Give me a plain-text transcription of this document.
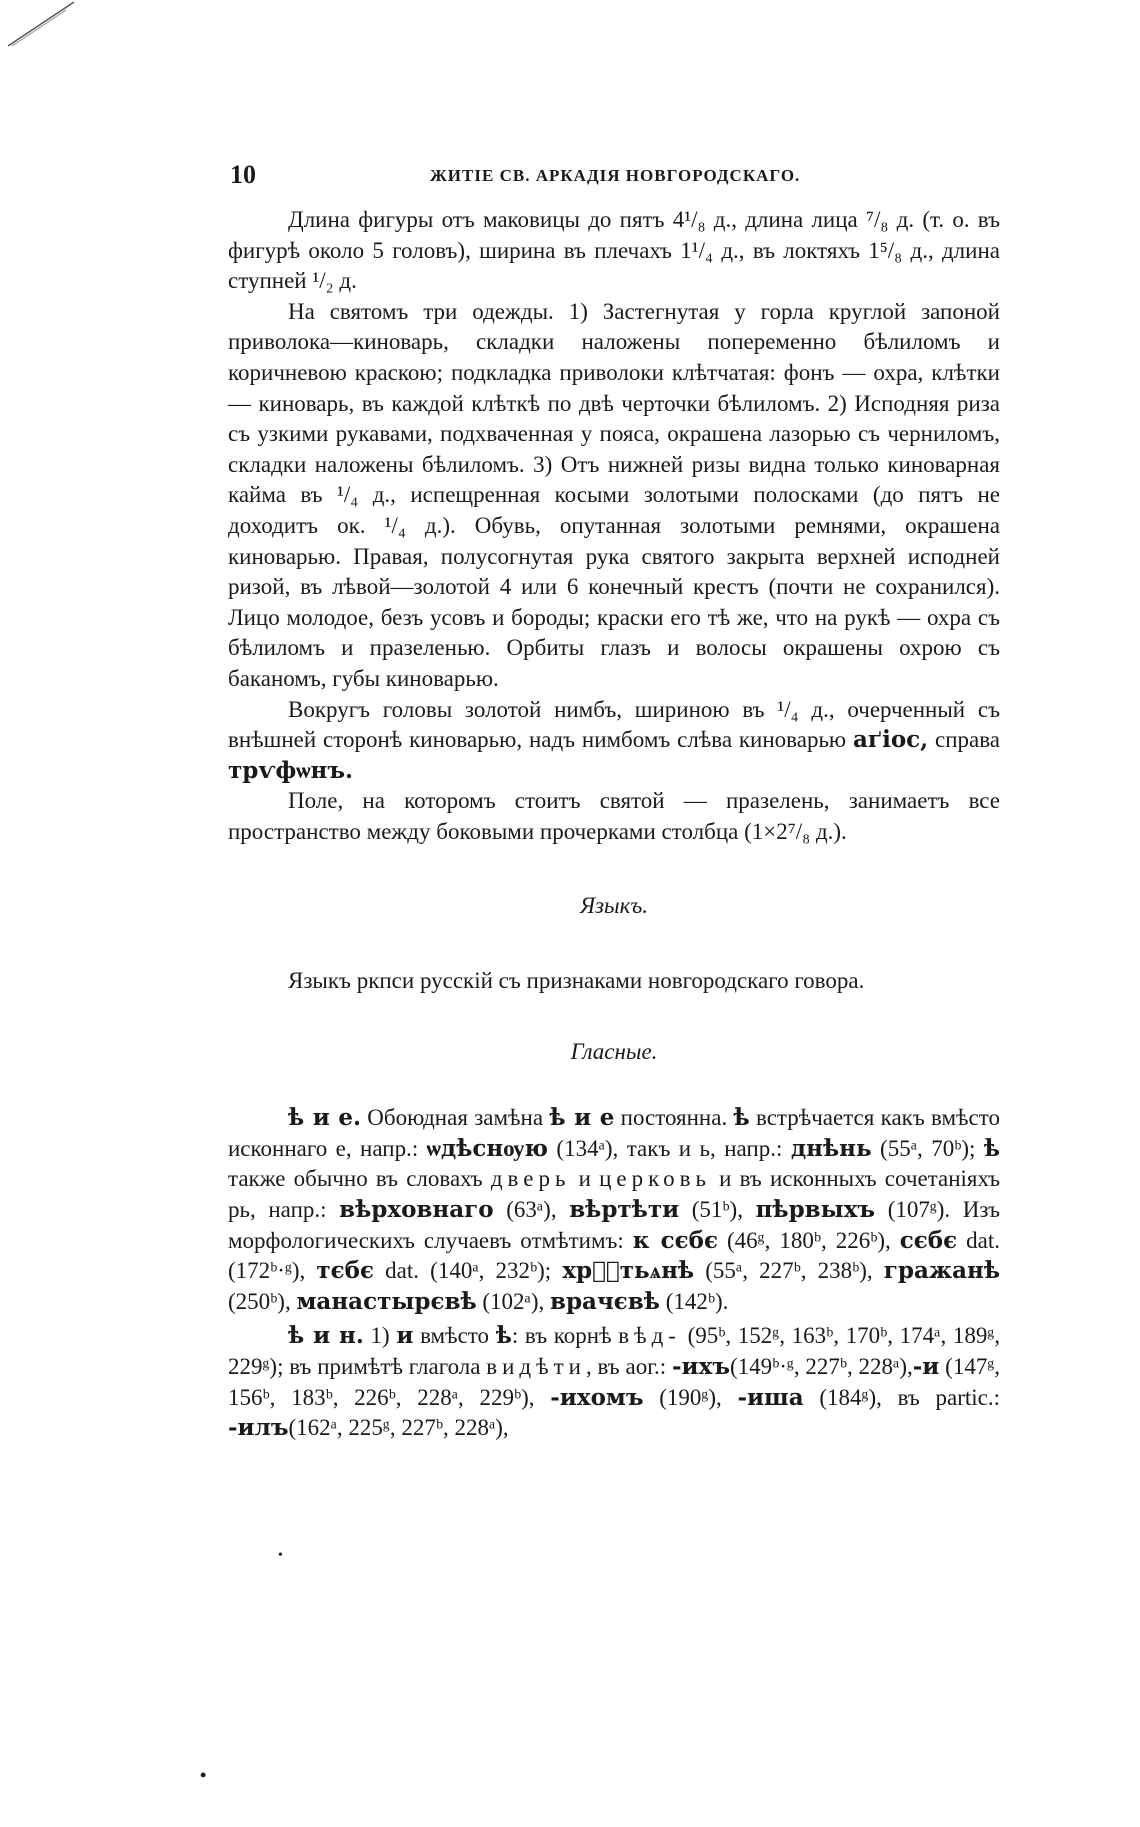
10	ЖИТІЕ СВ. АРКАДІЯ НОВГОРОДСКАГО.

Длина фигуры отъ маковицы до пятъ 4¹/₈ д., длина лица ⁷/₈ д. (т. о. въ фигурѣ около 5 головъ), ширина въ плечахъ 1¹/₄ д., въ локтяхъ 1⁵/₈ д., длина ступней ¹/₂ д.

На святомъ три одежды. 1) Застегнутая у горла круглой запоной приволока—киноварь, складки наложены попеременно бѣлиломъ и коричневою краскою; подкладка приволоки клѣтчатая: фонъ — охра, клѣтки — киноварь, въ каждой клѣткѣ по двѣ черточки бѣлиломъ. 2) Исподняя риза съ узкими рукавами, подхваченная у пояса, окрашена лазорью съ черниломъ, складки наложены бѣлиломъ. 3) Отъ нижней ризы видна только киноварная кайма въ ¹/₄ д., испещренная косыми золотыми полосками (до пятъ не доходитъ ок. ¹/₄ д.). Обувь, опутанная золотыми ремнями, окрашена киноварью. Правая, полусогнутая рука святого закрыта верхней исподней ризой, въ лѣвой—золотой 4 или 6 конечный крестъ (почти не сохранился). Лицо молодое, безъ усовъ и бороды; краски его тѣ же, что на рукѣ — охра съ бѣлиломъ и празеленью. Орбиты глазъ и волосы окрашены охрою съ баканомъ, губы киноварью.

Вокругъ головы золотой нимбъ, шириною въ ¹/₄ д., очерченный съ внѣшней сторонѣ киноварью, надъ нимбомъ слѣва киноварью аґіос, справа трѵфѡнъ.

Поле, на которомъ стоитъ святой — празелень, занимаетъ все пространство между боковыми прочерками столбца (1×2⁷/₈ д.).

Языкъ.

Языкъ ркпси русскій съ признаками новгородскаго говора.

Гласные.

ѣ и е. Обоюдная замѣна ѣ и е постоянна. ѣ встрѣчается какъ вмѣсто исконнаго е, напр.: ѡдѣснѹю (134ᵃ), такъ и ь, напр.: днѣнь (55ᵃ, 70ᵇ); ѣ также обычно въ словахъ дверь и церковь и въ исконныхъ сочетаніяхъ рь, напр.: вѣрховнаго (63ᵃ), вѣртѣти (51ᵇ), пѣрвыхъ (107ᵍ). Изъ морфологическихъ случаевъ отмѣтимъ: к сєбє (46ᵍ, 180ᵇ, 226ᵇ), сєбє dat. (172ᵇ·ᵍ), тєбє dat. (140ᵃ, 232ᵇ); хрⷭ҇тьѧнѣ (55ᵃ, 227ᵇ, 238ᵇ), гражанѣ (250ᵇ), манастырєвѣ (102ᵃ), врачєвѣ (142ᵇ).

ѣ и н. 1) и вмѣсто ѣ: въ корнѣ вѣд- (95ᵇ, 152ᵍ, 163ᵇ, 170ᵇ, 174ᵃ, 189ᵍ, 229ᵍ); въ примѣтѣ глагола видѣти, въ аог.: -ихъ(149ᵇ·ᵍ, 227ᵇ, 228ᵃ),-и (147ᵍ, 156ᵇ, 183ᵇ, 226ᵇ, 228ᵃ, 229ᵇ), -ихомъ (190ᵍ), -иша (184ᵍ), въ partic.: -илъ(162ᵃ, 225ᵍ, 227ᵇ, 228ᵃ),

•
•
